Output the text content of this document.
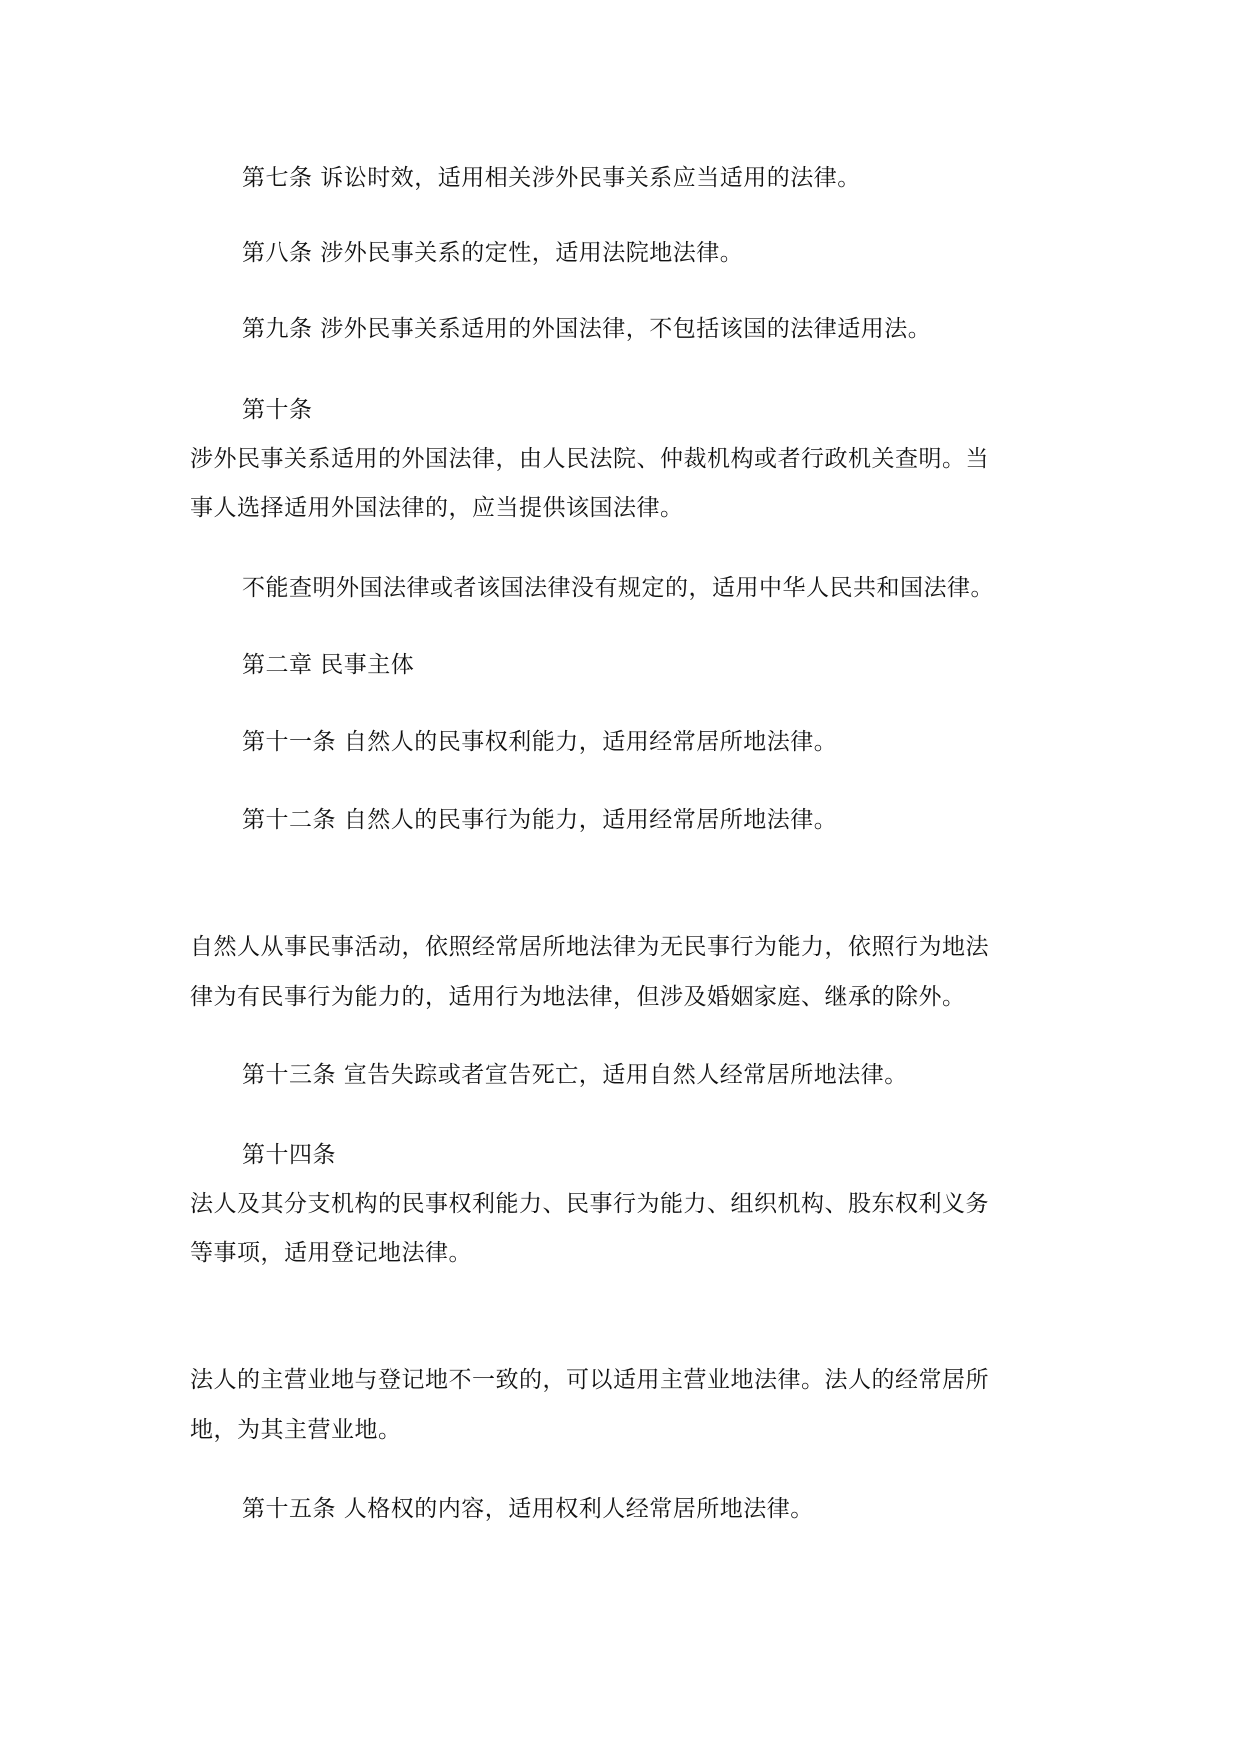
第七条 诉讼时效，适用相关涉外民事关系应当适用的法律。
第八条 涉外民事关系的定性，适用法院地法律。
第九条 涉外民事关系适用的外国法律，不包括该国的法律适用法。
第十条
涉外民事关系适用的外国法律，由人民法院、仲裁机构或者行政机关查明。当
事人选择适用外国法律的，应当提供该国法律。
不能查明外国法律或者该国法律没有规定的，适用中华人民共和国法律。
第二章 民事主体
第十一条 自然人的民事权利能力，适用经常居所地法律。
第十二条 自然人的民事行为能力，适用经常居所地法律。
自然人从事民事活动，依照经常居所地法律为无民事行为能力，依照行为地法
律为有民事行为能力的，适用行为地法律，但涉及婚姻家庭、继承的除外。
第十三条 宣告失踪或者宣告死亡，适用自然人经常居所地法律。
第十四条
法人及其分支机构的民事权利能力、民事行为能力、组织机构、股东权利义务
等事项，适用登记地法律。
法人的主营业地与登记地不一致的，可以适用主营业地法律。法人的经常居所
地，为其主营业地。
第十五条 人格权的内容，适用权利人经常居所地法律。
